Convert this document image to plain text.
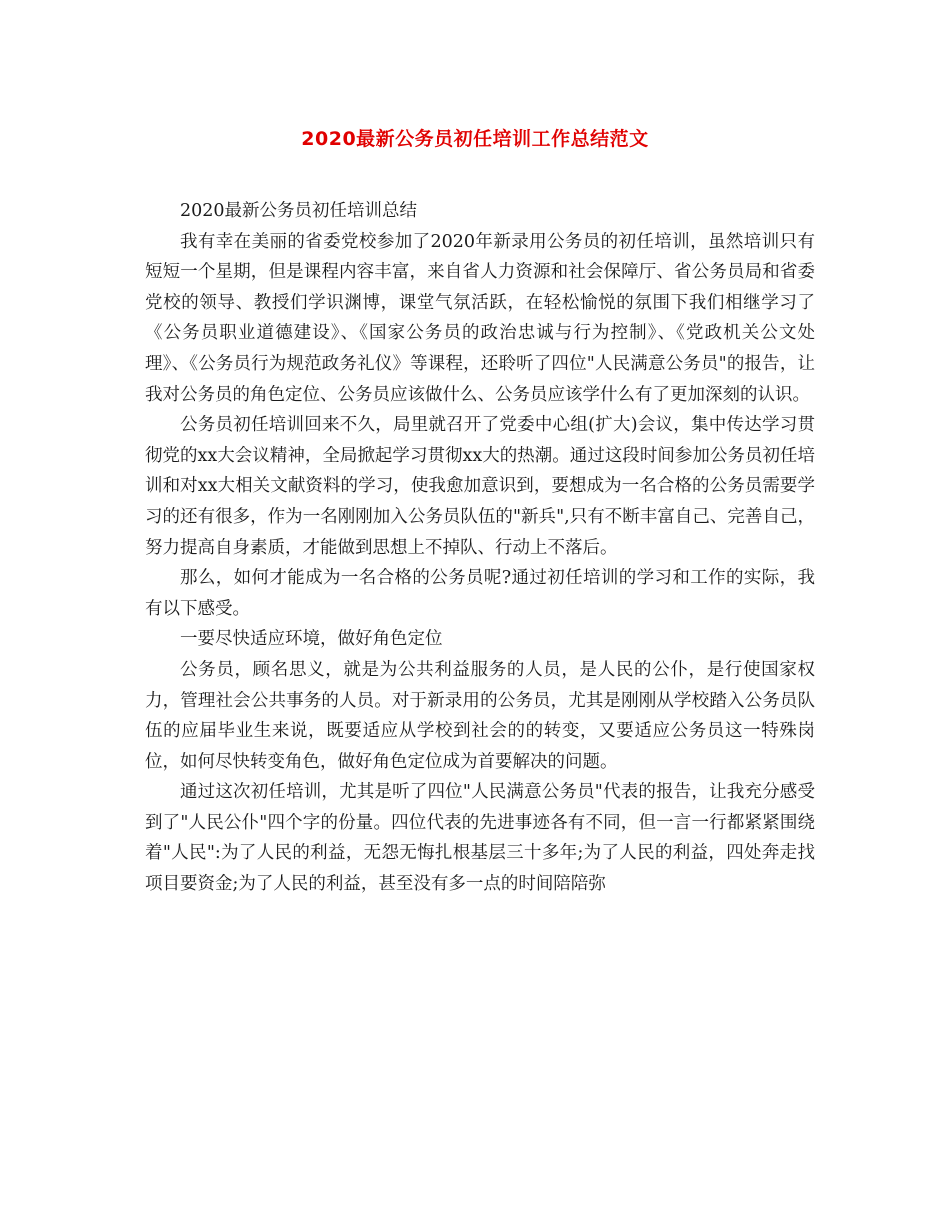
2020最新公务员初任培训工作总结范文

2020最新公务员初任培训总结

我有幸在美丽的省委党校参加了2020年新录用公务员的初任培训，虽然培训只有短短一个星期，但是课程内容丰富，来自省人力资源和社会保障厅、省公务员局和省委党校的领导、教授们学识渊博，课堂气氛活跃，在轻松愉悦的氛围下我们相继学习了《公务员职业道德建设》、《国家公务员的政治忠诚与行为控制》、《党政机关公文处理》、《公务员行为规范政务礼仪》等课程，还聆听了四位"人民满意公务员"的报告，让我对公务员的角色定位、公务员应该做什么、公务员应该学什么有了更加深刻的认识。

公务员初任培训回来不久，局里就召开了党委中心组(扩大)会议，集中传达学习贯彻党的xx大会议精神，全局掀起学习贯彻xx大的热潮。通过这段时间参加公务员初任培训和对xx大相关文献资料的学习，使我愈加意识到，要想成为一名合格的公务员需要学习的还有很多，作为一名刚刚加入公务员队伍的"新兵",只有不断丰富自己、完善自己，努力提高自身素质，才能做到思想上不掉队、行动上不落后。

那么，如何才能成为一名合格的公务员呢?通过初任培训的学习和工作的实际，我有以下感受。

一要尽快适应环境，做好角色定位

公务员，顾名思义，就是为公共利益服务的人员，是人民的公仆，是行使国家权力，管理社会公共事务的人员。对于新录用的公务员，尤其是刚刚从学校踏入公务员队伍的应届毕业生来说，既要适应从学校到社会的的转变，又要适应公务员这一特殊岗位，如何尽快转变角色，做好角色定位成为首要解决的问题。

通过这次初任培训，尤其是听了四位"人民满意公务员"代表的报告，让我充分感受到了"人民公仆"四个字的份量。四位代表的先进事迹各有不同，但一言一行都紧紧围绕着"人民":为了人民的利益，无怨无悔扎根基层三十多年;为了人民的利益，四处奔走找项目要资金;为了人民的利益，甚至没有多一点的时间陪陪弥
